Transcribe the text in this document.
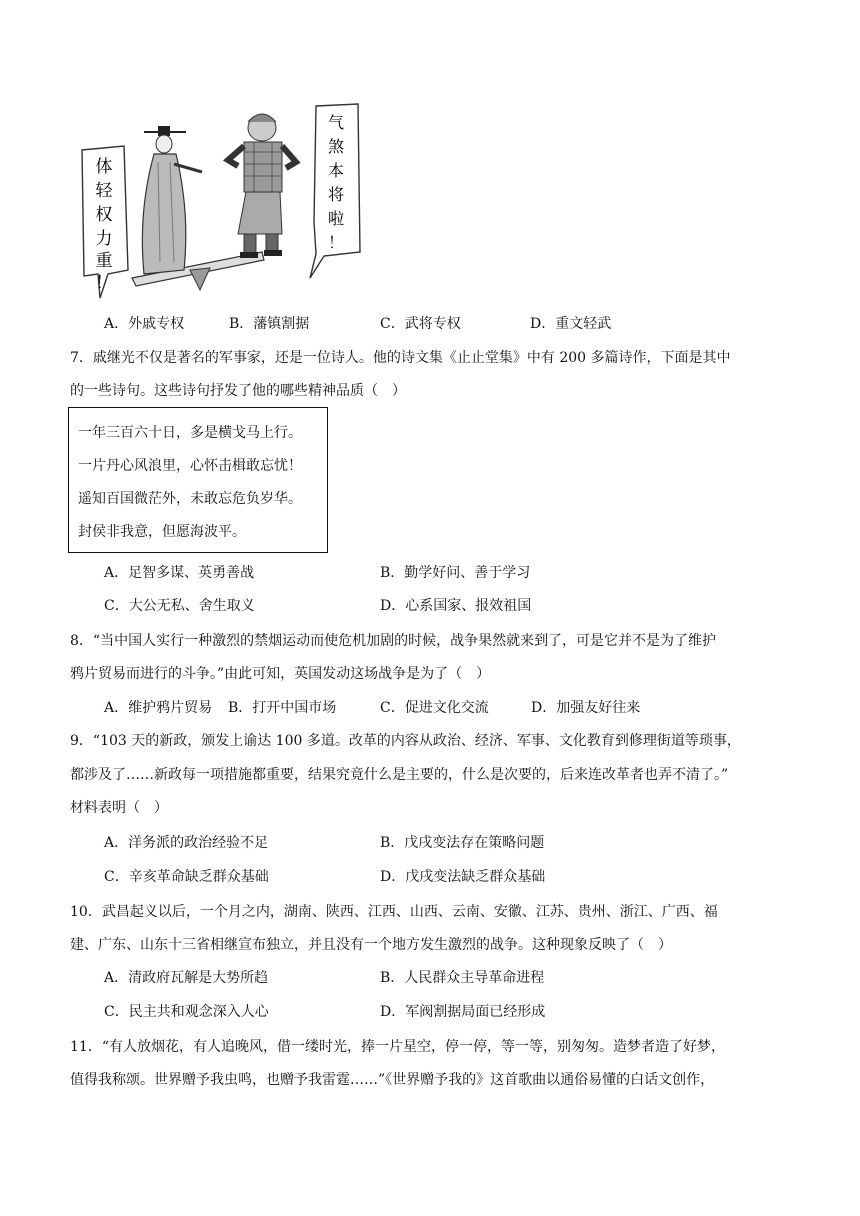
体
轻
权
力
重
！
气
煞
本
将
啦
！
A．外戚专权	B．藩镇割据	C．武将专权	D．重文轻武
7．戚继光不仅是著名的军事家，还是一位诗人。他的诗文集《止止堂集》中有 200 多篇诗作，下面是其中
的一些诗句。这些诗句抒发了他的哪些精神品质（　）
一年三百六十日，多是横戈马上行。
一片丹心风浪里，心怀击楫敢忘忧！
遥知百国微茫外，未敢忘危负岁华。
封侯非我意，但愿海波平。
A．足智多谋、英勇善战	B．勤学好问、善于学习
C．大公无私、舍生取义	D．心系国家、报效祖国
8．“当中国人实行一种激烈的禁烟运动而使危机加剧的时候，战争果然就来到了，可是它并不是为了维护
鸦片贸易而进行的斗争。”由此可知，英国发动这场战争是为了（　）
A．维护鸦片贸易 B．打开中国市场	C．促进文化交流	D．加强友好往来
9．“103 天的新政，颁发上谕达 100 多道。改革的内容从政治、经济、军事、文化教育到修理街道等琐事，
都涉及了……新政每一项措施都重要，结果究竟什么是主要的，什么是次要的，后来连改革者也弄不清了。”
材料表明（　）
A．洋务派的政治经验不足	B．戊戌变法存在策略问题
C．辛亥革命缺乏群众基础	D．戊戌变法缺乏群众基础
10．武昌起义以后，一个月之内，湖南、陕西、江西、山西、云南、安徽、江苏、贵州、浙江、广西、福
建、广东、山东十三省相继宣布独立，并且没有一个地方发生激烈的战争。这种现象反映了（　）
A．清政府瓦解是大势所趋	B．人民群众主导革命进程
C．民主共和观念深入人心	D．军阀割据局面已经形成
11．“有人放烟花，有人追晚风，借一缕时光，捧一片星空，停一停，等一等，别匆匆。造梦者造了好梦，
值得我称颂。世界赠予我虫鸣，也赠予我雷霆……”《世界赠予我的》这首歌曲以通俗易懂的白话文创作，
